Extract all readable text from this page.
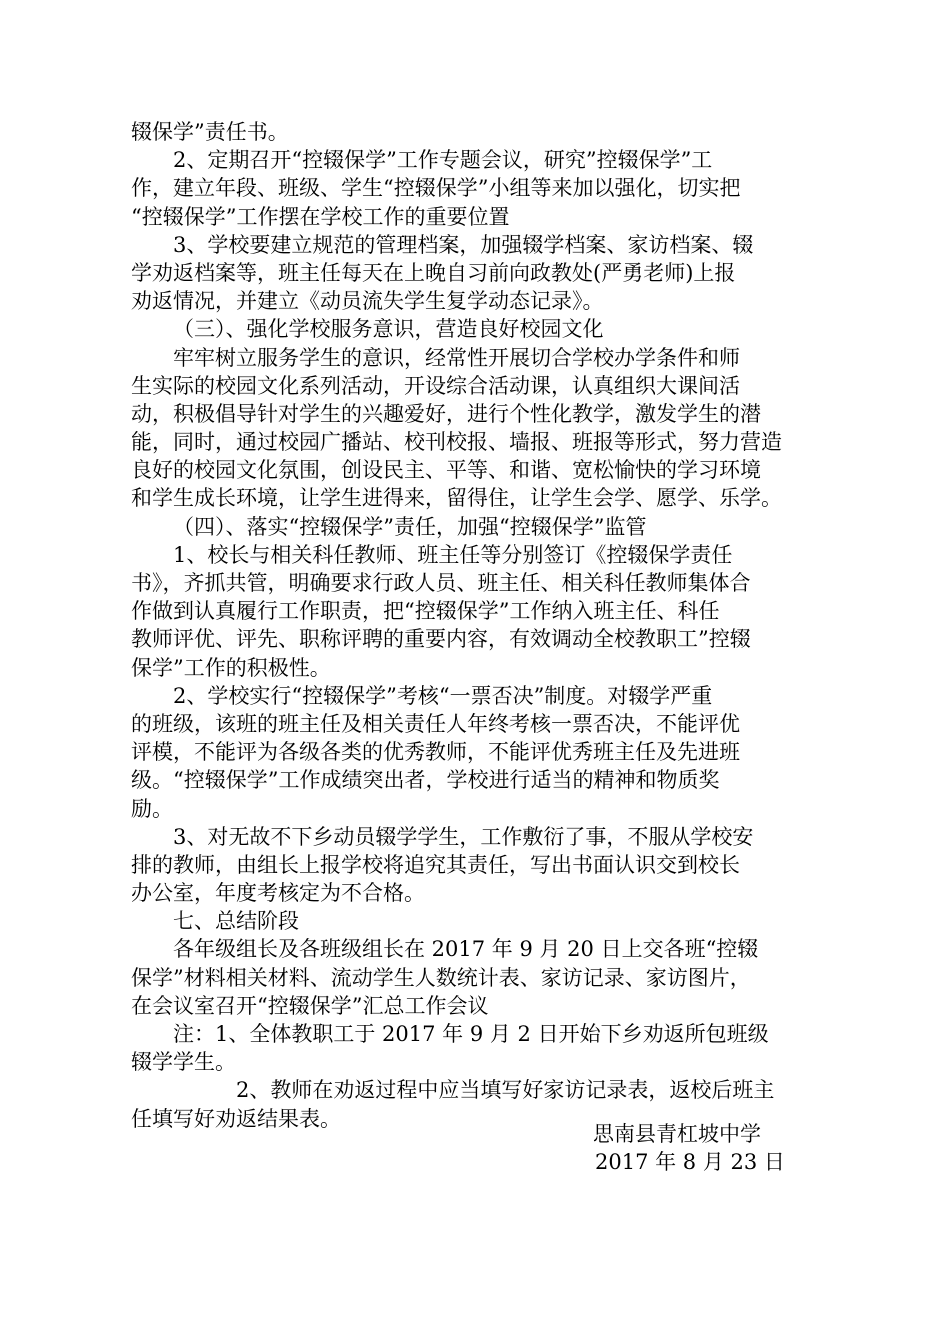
辍保学”责任书。
2、定期召开“控辍保学”工作专题会议，研究”控辍保学”工
作，建立年段、班级、学生“控辍保学”小组等来加以强化，切实把
“控辍保学”工作摆在学校工作的重要位置
3、学校要建立规范的管理档案，加强辍学档案、家访档案、辍
学劝返档案等，班主任每天在上晚自习前向政教处(严勇老师)上报
劝返情况，并建立《动员流失学生复学动态记录》。
（三）、强化学校服务意识，营造良好校园文化
牢牢树立服务学生的意识，经常性开展切合学校办学条件和师
生实际的校园文化系列活动，开设综合活动课，认真组织大课间活
动，积极倡导针对学生的兴趣爱好，进行个性化教学，激发学生的潜
能，同时，通过校园广播站、校刊校报、墙报、班报等形式，努力营造
良好的校园文化氛围，创设民主、平等、和谐、宽松愉快的学习环境
和学生成长环境，让学生进得来，留得住，让学生会学、愿学、乐学。
（四）、落实“控辍保学”责任，加强“控辍保学”监管
1、校长与相关科任教师、班主任等分别签订《控辍保学责任
书》，齐抓共管，明确要求行政人员、班主任、相关科任教师集体合
作做到认真履行工作职责，把“控辍保学”工作纳入班主任、科任
教师评优、评先、职称评聘的重要内容，有效调动全校教职工”控辍
保学”工作的积极性。
2、学校实行“控辍保学”考核“一票否决”制度。对辍学严重
的班级，该班的班主任及相关责任人年终考核一票否决，不能评优
评模，不能评为各级各类的优秀教师，不能评优秀班主任及先进班
级。“控辍保学”工作成绩突出者，学校进行适当的精神和物质奖
励。
3、对无故不下乡动员辍学学生，工作敷衍了事，不服从学校安
排的教师，由组长上报学校将追究其责任，写出书面认识交到校长
办公室，年度考核定为不合格。
七、总结阶段
各年级组长及各班级组长在 2017 年 9 月 20 日上交各班“控辍
保学”材料相关材料、流动学生人数统计表、家访记录、家访图片，
在会议室召开“控辍保学”汇总工作会议
注：1、全体教职工于 2017 年 9 月 2 日开始下乡劝返所包班级
辍学学生。
2、教师在劝返过程中应当填写好家访记录表，返校后班主
任填写好劝返结果表。
思南县青杠坡中学
2017 年 8 月 23 日
